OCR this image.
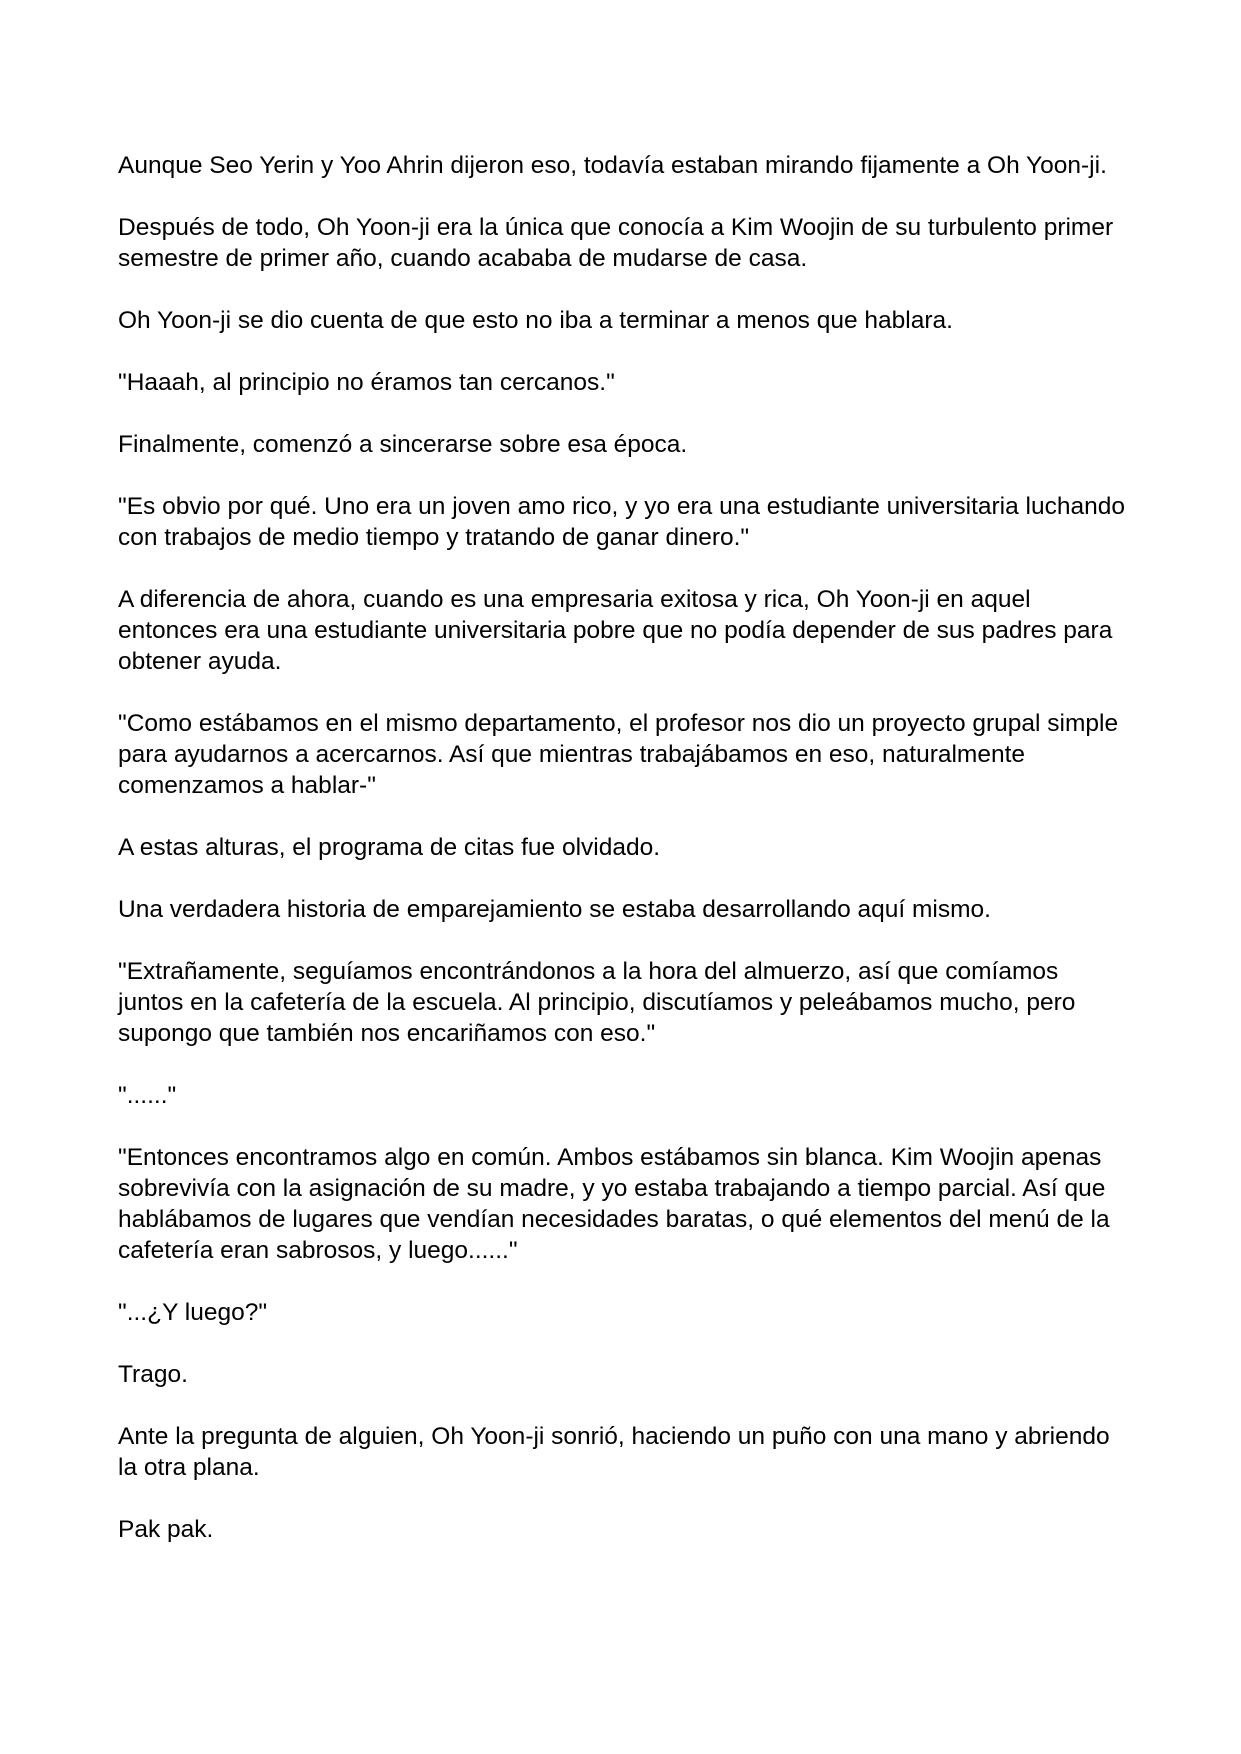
Aunque Seo Yerin y Yoo Ahrin dijeron eso, todavía estaban mirando fijamente a Oh Yoon-ji.

Después de todo, Oh Yoon-ji era la única que conocía a Kim Woojin de su turbulento primer semestre de primer año, cuando acababa de mudarse de casa.

Oh Yoon-ji se dio cuenta de que esto no iba a terminar a menos que hablara.

"Haaah, al principio no éramos tan cercanos."

Finalmente, comenzó a sincerarse sobre esa época.

"Es obvio por qué. Uno era un joven amo rico, y yo era una estudiante universitaria luchando con trabajos de medio tiempo y tratando de ganar dinero."

A diferencia de ahora, cuando es una empresaria exitosa y rica, Oh Yoon-ji en aquel entonces era una estudiante universitaria pobre que no podía depender de sus padres para obtener ayuda.

"Como estábamos en el mismo departamento, el profesor nos dio un proyecto grupal simple para ayudarnos a acercarnos. Así que mientras trabajábamos en eso, naturalmente comenzamos a hablar-"

A estas alturas, el programa de citas fue olvidado.

Una verdadera historia de emparejamiento se estaba desarrollando aquí mismo.

"Extrañamente, seguíamos encontrándonos a la hora del almuerzo, así que comíamos juntos en la cafetería de la escuela. Al principio, discutíamos y peleábamos mucho, pero supongo que también nos encariñamos con eso."

"......"

"Entonces encontramos algo en común. Ambos estábamos sin blanca. Kim Woojin apenas sobrevivía con la asignación de su madre, y yo estaba trabajando a tiempo parcial. Así que hablábamos de lugares que vendían necesidades baratas, o qué elementos del menú de la cafetería eran sabrosos, y luego......"

"...¿Y luego?"

Trago.

Ante la pregunta de alguien, Oh Yoon-ji sonrió, haciendo un puño con una mano y abriendo la otra plana.

Pak pak.
